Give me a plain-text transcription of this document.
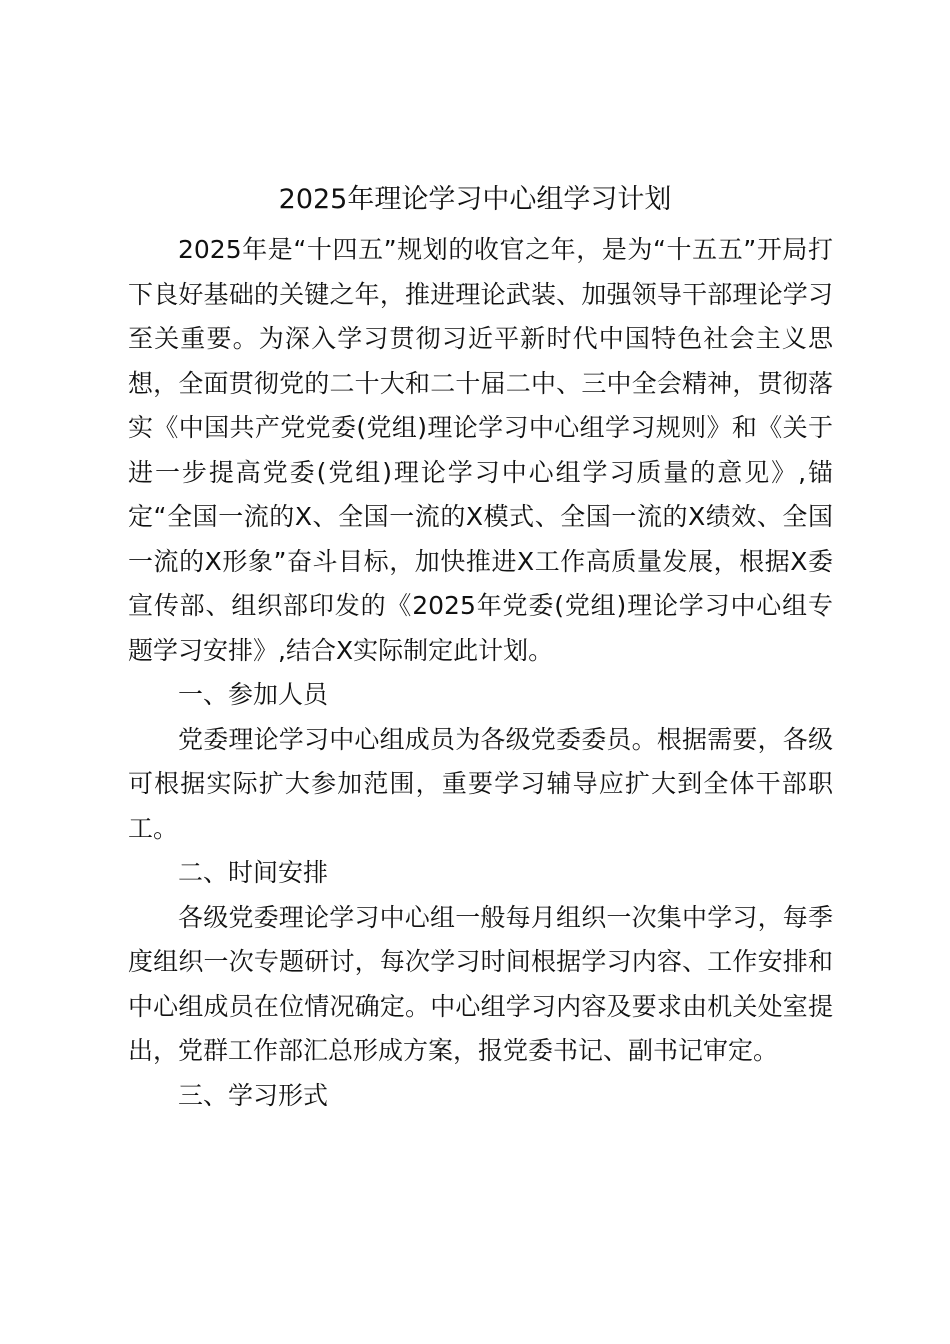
2025年理论学习中心组学习计划

2025年是“十四五”规划的收官之年，是为“十五五”开局打下良好基础的关键之年，推进理论武装、加强领导干部理论学习至关重要。为深入学习贯彻习近平新时代中国特色社会主义思想，全面贯彻党的二十大和二十届二中、三中全会精神，贯彻落实《中国共产党党委(党组)理论学习中心组学习规则》和《关于进一步提高党委(党组)理论学习中心组学习质量的意见》,锚定“全国一流的X、全国一流的X模式、全国一流的X绩效、全国一流的X形象”奋斗目标，加快推进X工作高质量发展，根据X委宣传部、组织部印发的《2025年党委(党组)理论学习中心组专题学习安排》,结合X实际制定此计划。

一、参加人员

党委理论学习中心组成员为各级党委委员。根据需要，各级可根据实际扩大参加范围，重要学习辅导应扩大到全体干部职工。

二、时间安排

各级党委理论学习中心组一般每月组织一次集中学习，每季度组织一次专题研讨，每次学习时间根据学习内容、工作安排和中心组成员在位情况确定。中心组学习内容及要求由机关处室提出，党群工作部汇总形成方案，报党委书记、副书记审定。

三、学习形式
